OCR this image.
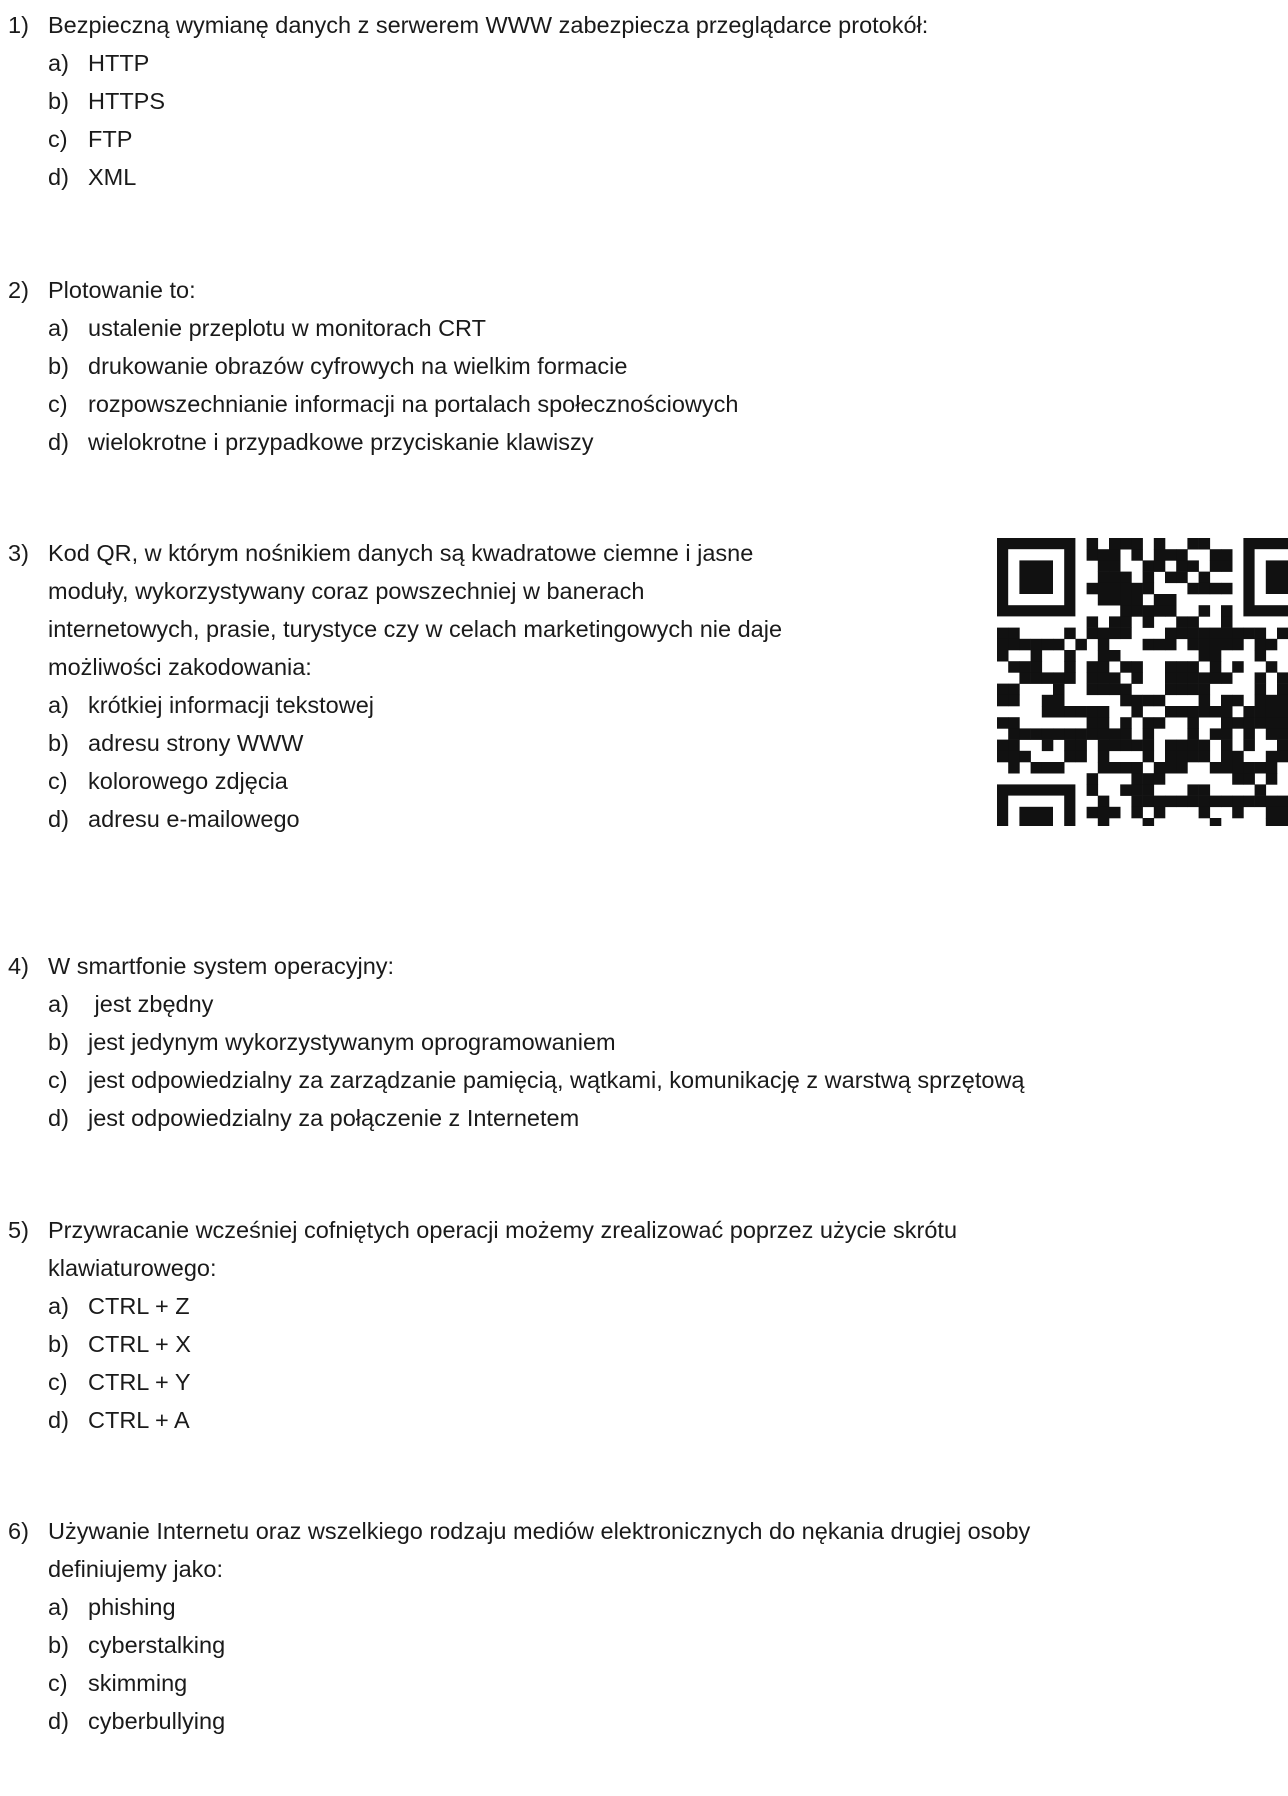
1) Bezpieczną wymianę danych z serwerem WWW zabezpiecza przeglądarce protokół:
a) HTTP
b) HTTPS
c) FTP
d) XML
2) Plotowanie to:
a) ustalenie przeplotu w monitorach CRT
b) drukowanie obrazów cyfrowych na wielkim formacie
c) rozpowszechnianie informacji na portalach społecznościowych
d) wielokrotne i przypadkowe przyciskanie klawiszy
3) Kod QR, w którym nośnikiem danych są kwadratowe ciemne i jasne
moduły, wykorzystywany coraz powszechniej w banerach
internetowych, prasie, turystyce czy w celach marketingowych nie daje
możliwości zakodowania:
a) krótkiej informacji tekstowej
b) adresu strony WWW
c) kolorowego zdjęcia
d) adresu e-mailowego
4) W smartfonie system operacyjny:
a) jest zbędny
b) jest jedynym wykorzystywanym oprogramowaniem
c) jest odpowiedzialny za zarządzanie pamięcią, wątkami, komunikację z warstwą sprzętową
d) jest odpowiedzialny za połączenie z Internetem
5) Przywracanie wcześniej cofniętych operacji możemy zrealizować poprzez użycie skrótu
klawiaturowego:
a) CTRL + Z
b) CTRL + X
c) CTRL + Y
d) CTRL + A
6) Używanie Internetu oraz wszelkiego rodzaju mediów elektronicznych do nękania drugiej osoby
definiujemy jako:
a) phishing
b) cyberstalking
c) skimming
d) cyberbullying
